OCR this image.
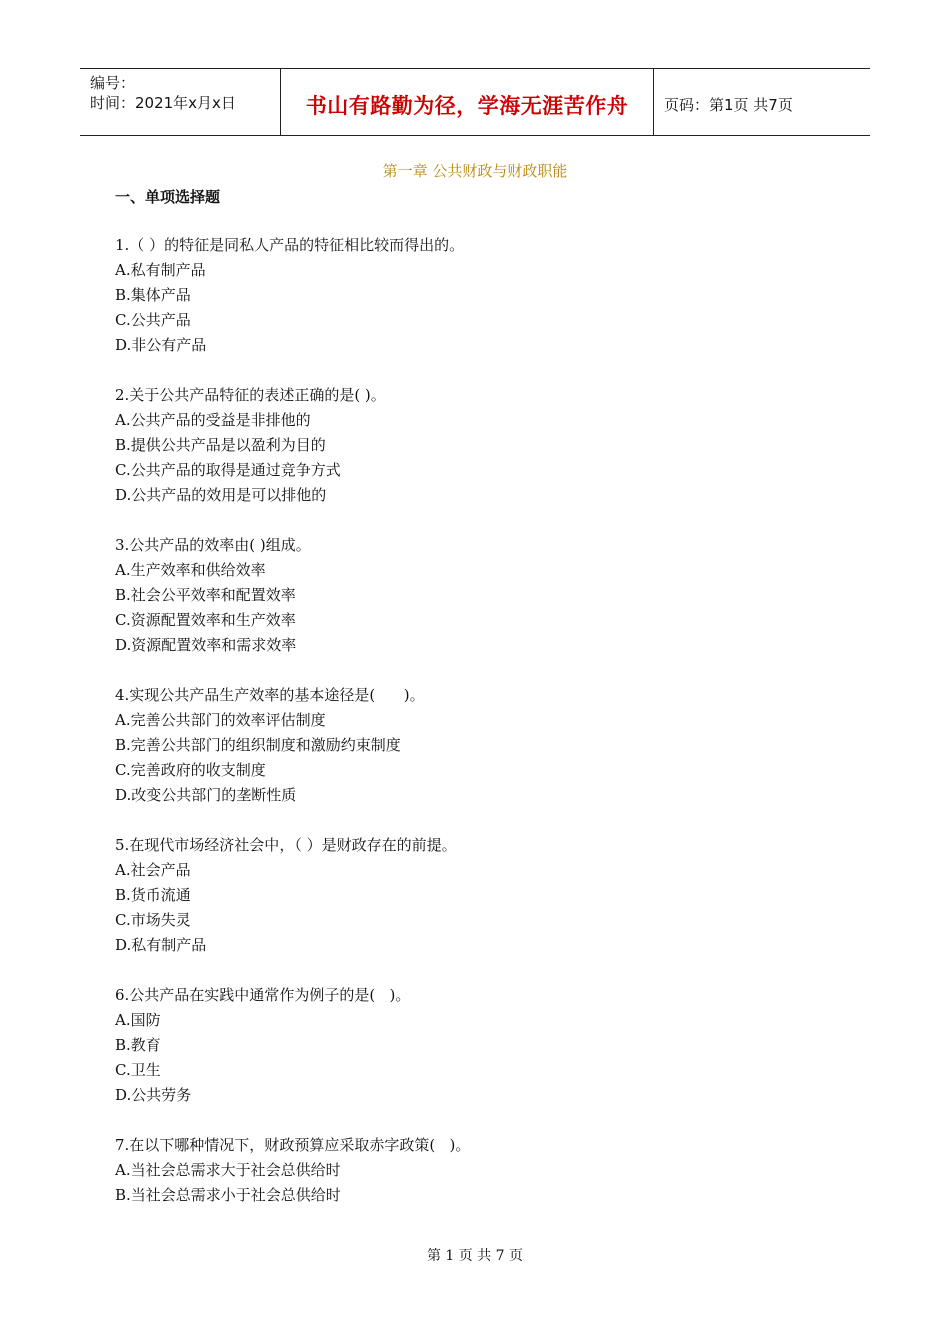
编号：
时间：2021年x月x日	书山有路勤为径，学海无涯苦作舟	页码：第1页 共7页
第一章 公共财政与财政职能
一、单项选择题
1.（ ）的特征是同私人产品的特征相比较而得出的。
A.私有制产品
B.集体产品
C.公共产品
D.非公有产品
2.关于公共产品特征的表述正确的是( )。
A.公共产品的受益是非排他的
B.提供公共产品是以盈利为目的
C.公共产品的取得是通过竞争方式
D.公共产品的效用是可以排他的
3.公共产品的效率由( )组成。
A.生产效率和供给效率
B.社会公平效率和配置效率
C.资源配置效率和生产效率
D.资源配置效率和需求效率
4.实现公共产品生产效率的基本途径是(      )。
A.完善公共部门的效率评估制度
B.完善公共部门的组织制度和激励约束制度
C.完善政府的收支制度
D.改变公共部门的垄断性质
5.在现代市场经济社会中，（ ）是财政存在的前提。
A.社会产品
B.货币流通
C.市场失灵
D.私有制产品
6.公共产品在实践中通常作为例子的是(   )。
A.国防
B.教育
C.卫生
D.公共劳务
7.在以下哪种情况下，财政预算应采取赤字政策(   )。
A.当社会总需求大于社会总供给时
B.当社会总需求小于社会总供给时
第 1 页 共 7 页
